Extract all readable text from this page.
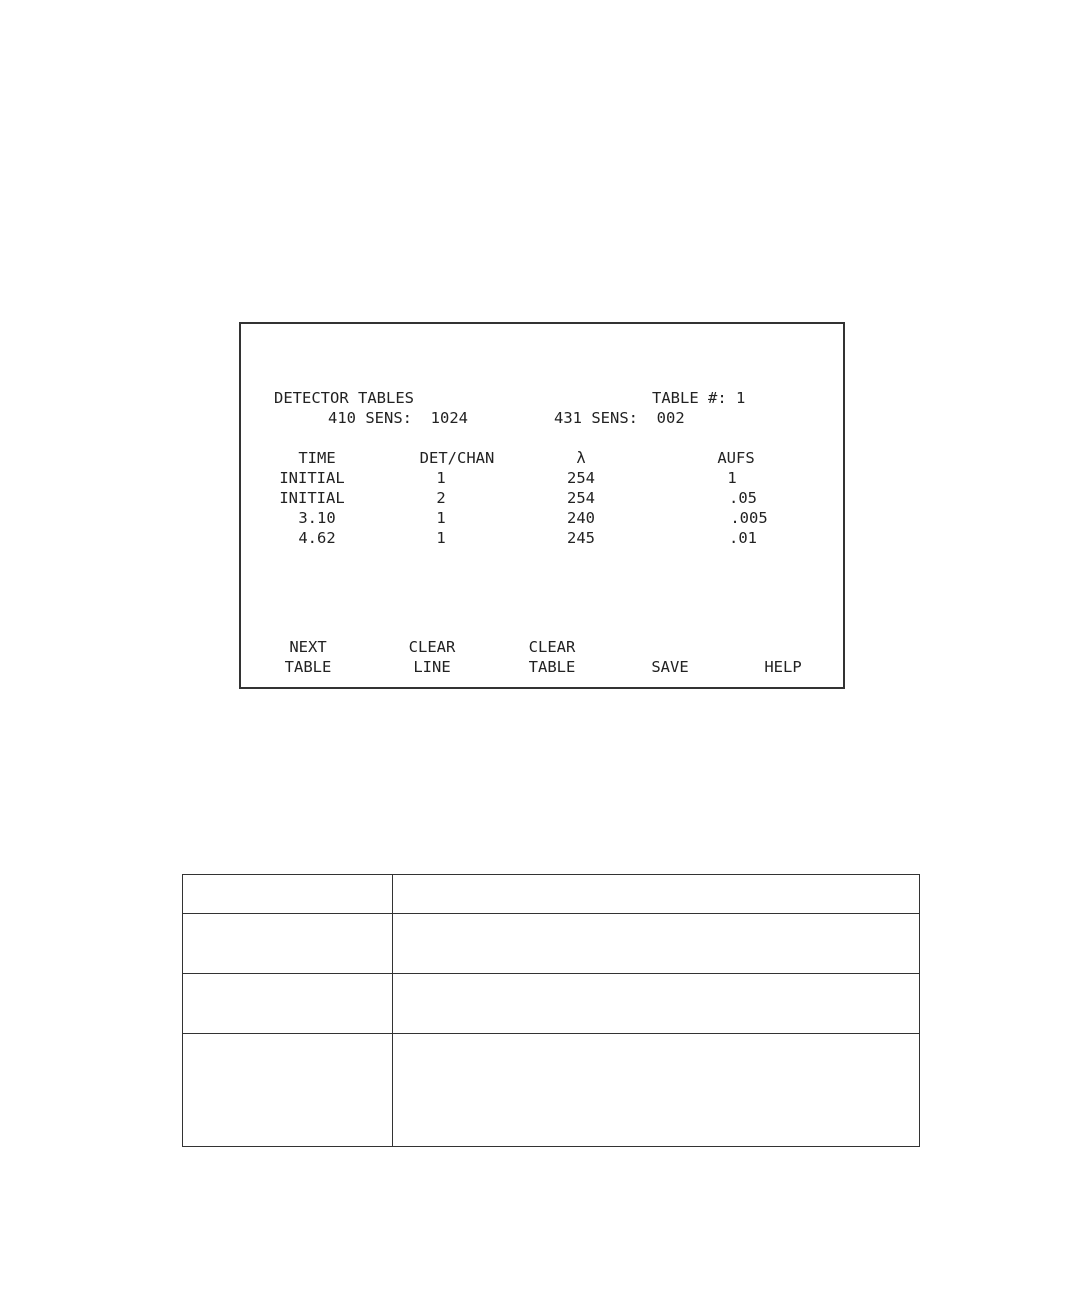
DETECTOR TABLES	TABLE #: 1
410 SENS:  1024	431 SENS:  002
TIME	DET/CHAN	λ	AUFS
INITIAL	1	254	1
INITIAL	2	254	.05
3.10	1	240	.005
4.62	1	245	.01
NEXT
TABLE
CLEAR
LINE
CLEAR
TABLE
	SAVE
	HELP
